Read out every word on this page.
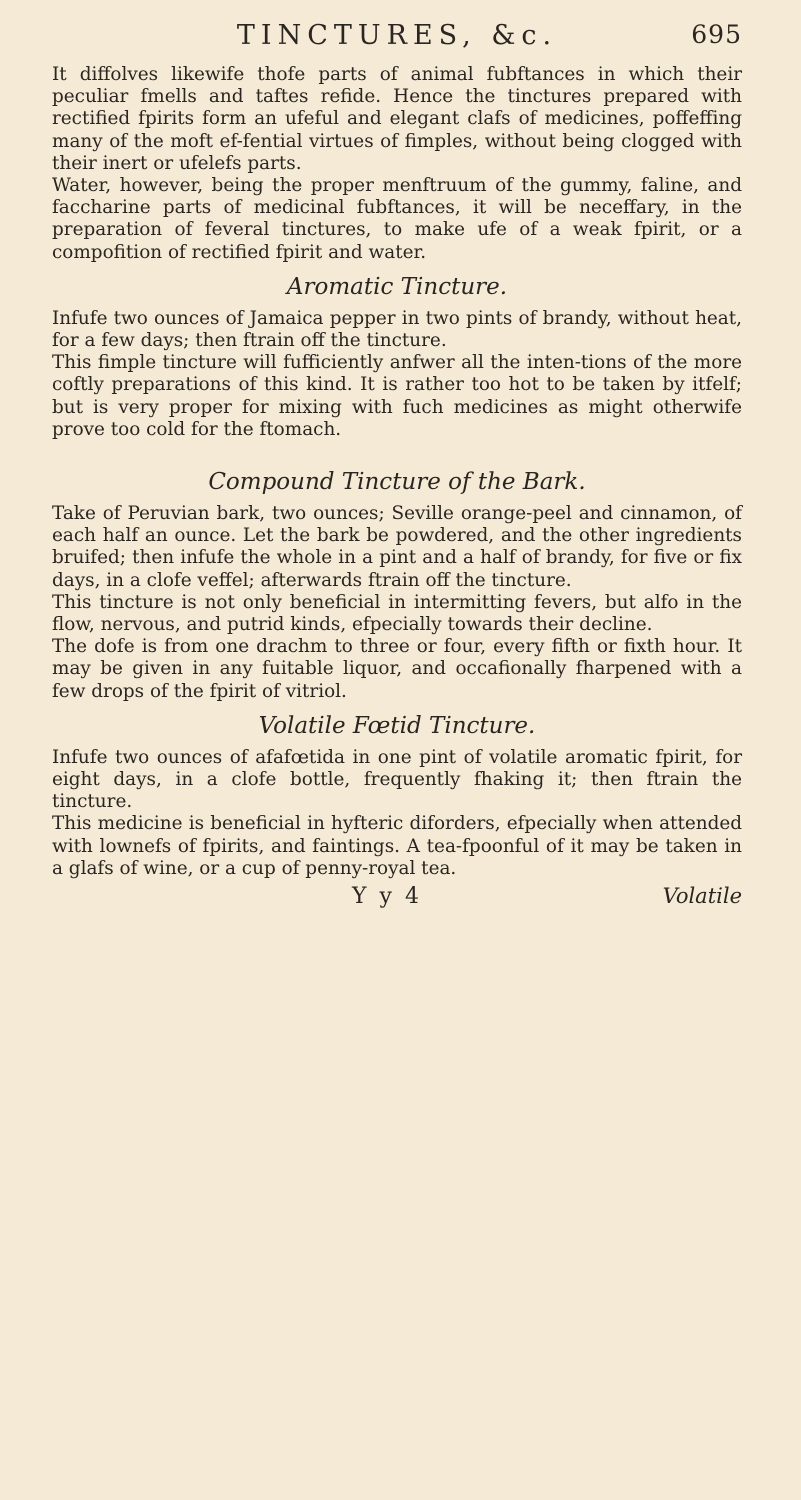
TINCTURES, &c.	695

It diffolves likewife thofe parts of animal fubftances in which their peculiar fmells and taftes refide. Hence the tinctures prepared with rectified fpirits form an ufeful and elegant clafs of medicines, poffeffing many of the moft ef-fential virtues of fimples, without being clogged with their inert or ufelefs parts.

Water, however, being the proper menftruum of the gummy, faline, and faccharine parts of medicinal fubftances, it will be neceffary, in the preparation of feveral tinctures, to make ufe of a weak fpirit, or a compofition of rectified fpirit and water.

Aromatic Tincture.

Infufe two ounces of Jamaica pepper in two pints of brandy, without heat, for a few days; then ftrain off the tincture.

This fimple tincture will fufficiently anfwer all the inten-tions of the more coftly preparations of this kind. It is rather too hot to be taken by itfelf; but is very proper for mixing with fuch medicines as might otherwife prove too cold for the ftomach.

Compound Tincture of the Bark.

Take of Peruvian bark, two ounces; Seville orange-peel and cinnamon, of each half an ounce. Let the bark be powdered, and the other ingredients bruifed; then infufe the whole in a pint and a half of brandy, for five or fix days, in a clofe veffel; afterwards ftrain off the tincture.

This tincture is not only beneficial in intermitting fevers, but alfo in the flow, nervous, and putrid kinds, efpecially towards their decline.

The dofe is from one drachm to three or four, every fifth or fixth hour. It may be given in any fuitable liquor, and occafionally fharpened with a few drops of the fpirit of vitriol.

Volatile Fœtid Tincture.

Infufe two ounces of afafœtida in one pint of volatile aromatic fpirit, for eight days, in a clofe bottle, frequently fhaking it; then ftrain the tincture.

This medicine is beneficial in hyfteric diforders, efpecially when attended with lownefs of fpirits, and faintings. A tea-fpoonful of it may be taken in a glafs of wine, or a cup of penny-royal tea.

Y y 4	Volatile
